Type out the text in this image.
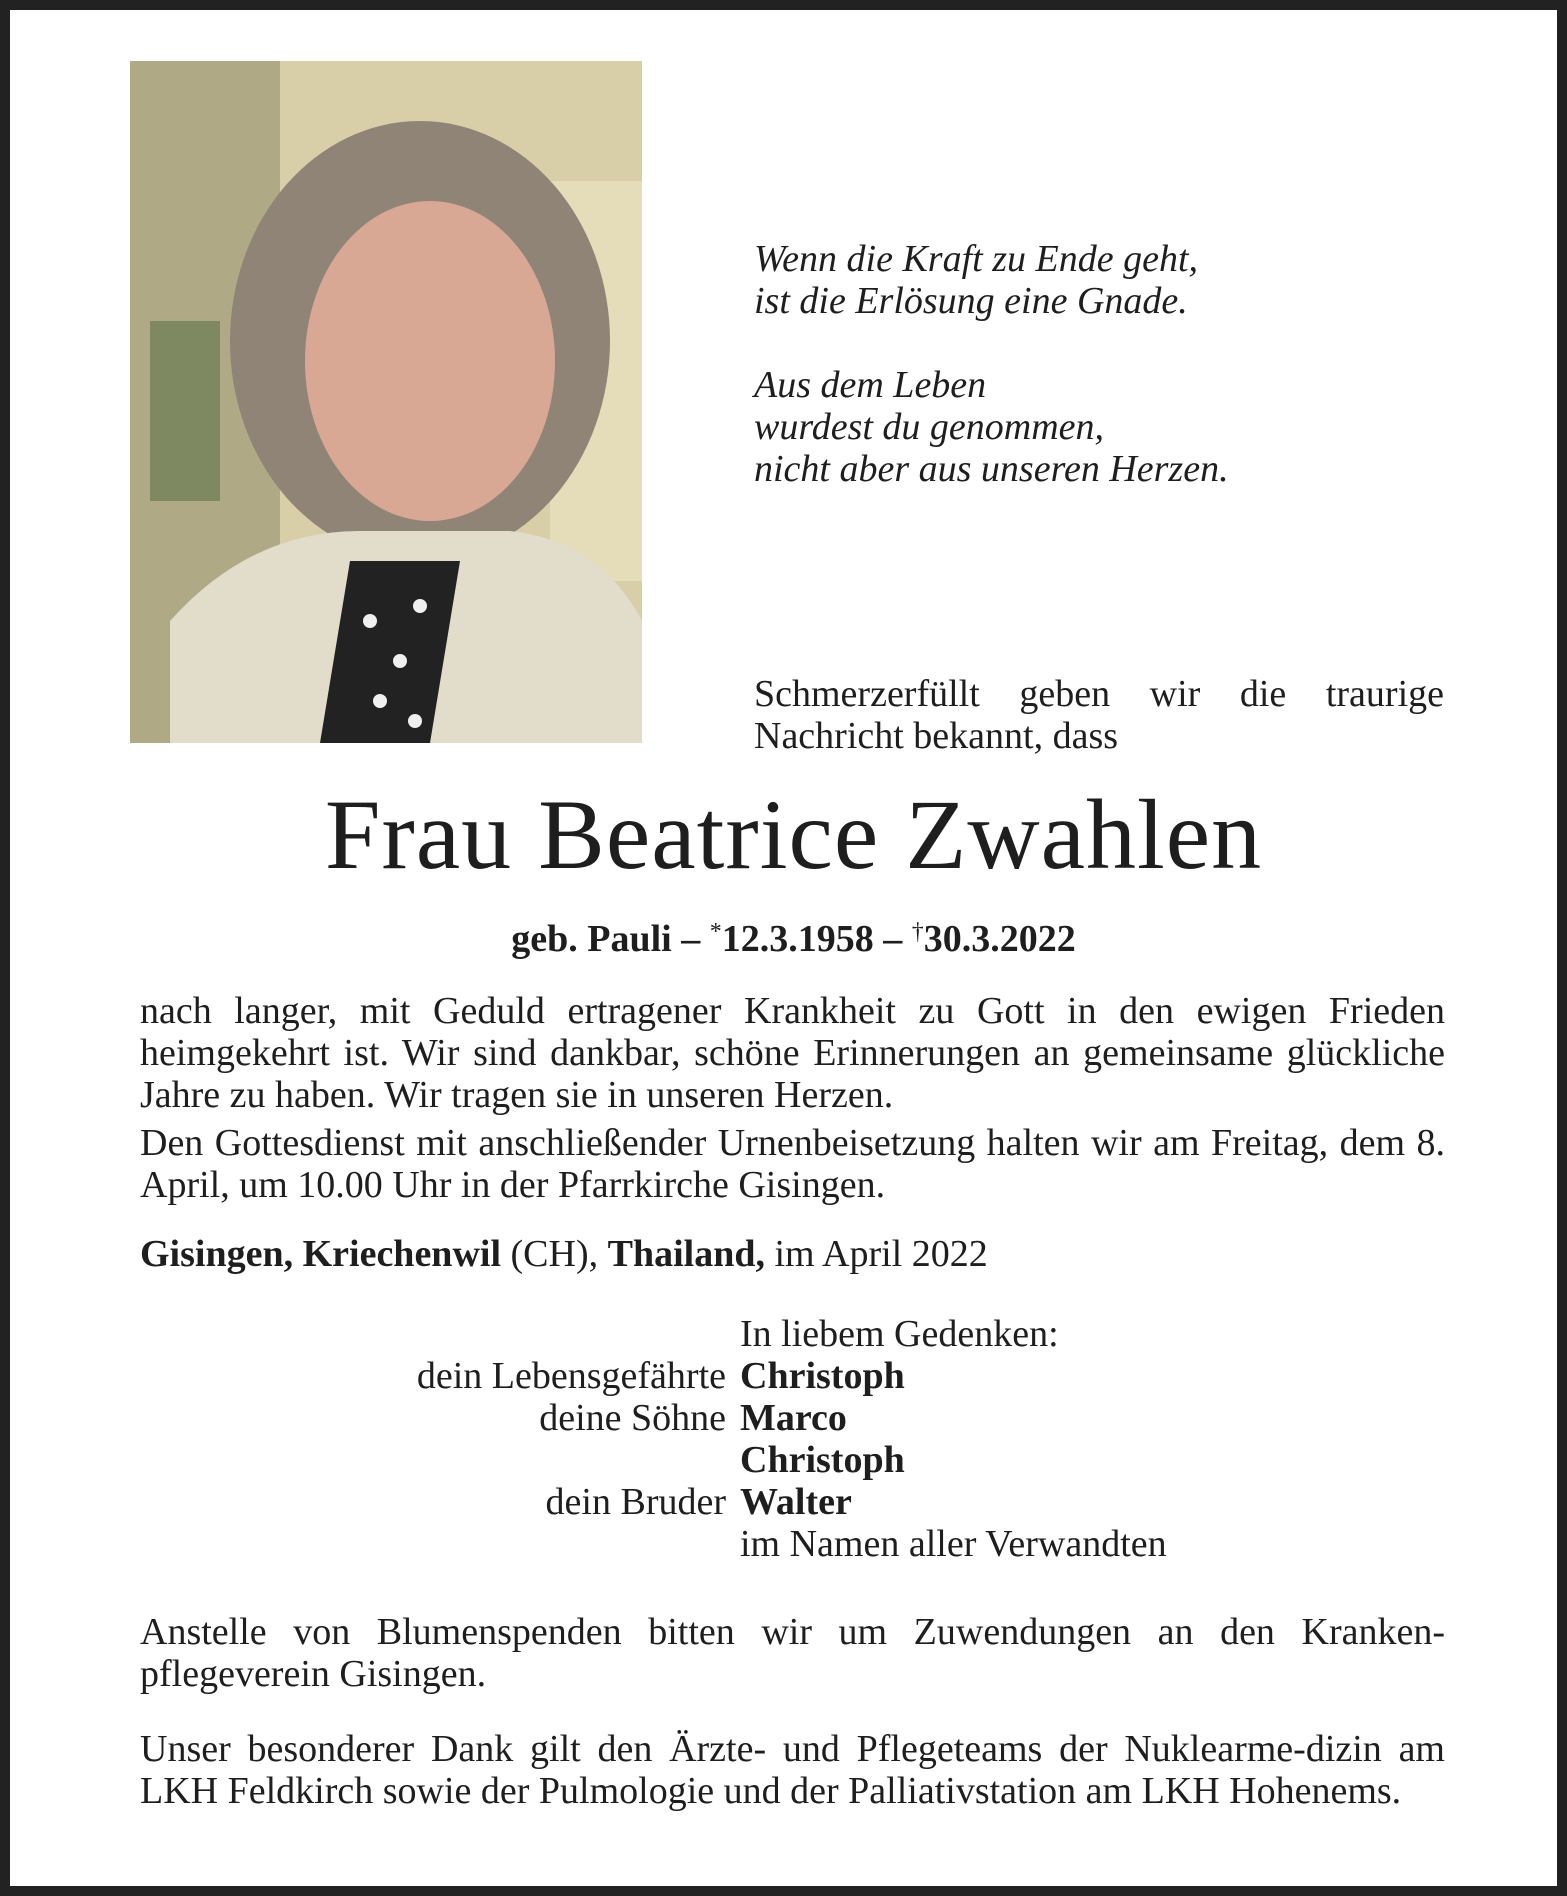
Wenn die Kraft zu Ende geht,
ist die Erlösung eine Gnade.

Aus dem Leben
wurdest du genommen,
nicht aber aus unseren Herzen.

Schmerzerfüllt geben wir die traurige Nachricht bekannt, dass
Frau Beatrice Zwahlen
geb. Pauli – *12.3.1958 – †30.3.2022

nach langer, mit Geduld ertragener Krankheit zu Gott in den ewigen Frieden heimgekehrt ist. Wir sind dankbar, schöne Erinnerungen an gemeinsame glückliche Jahre zu haben. Wir tragen sie in unseren Herzen.

Den Gottesdienst mit anschließender Urnenbeisetzung halten wir am Freitag, dem 8. April, um 10.00 Uhr in der Pfarrkirche Gisingen.

Gisingen, Kriechenwil (CH), Thailand, im April 2022
In liebem Gedenken:
dein Lebensgefährte Christoph
deine Söhne Marco
Christoph
dein Bruder Walter
im Namen aller Verwandten

Anstelle von Blumenspenden bitten wir um Zuwendungen an den Kranken-pflegeverein Gisingen.

Unser besonderer Dank gilt den Ärzte- und Pflegeteams der Nuklearme-dizin am LKH Feldkirch sowie der Pulmologie und der Palliativstation am LKH Hohenems.
